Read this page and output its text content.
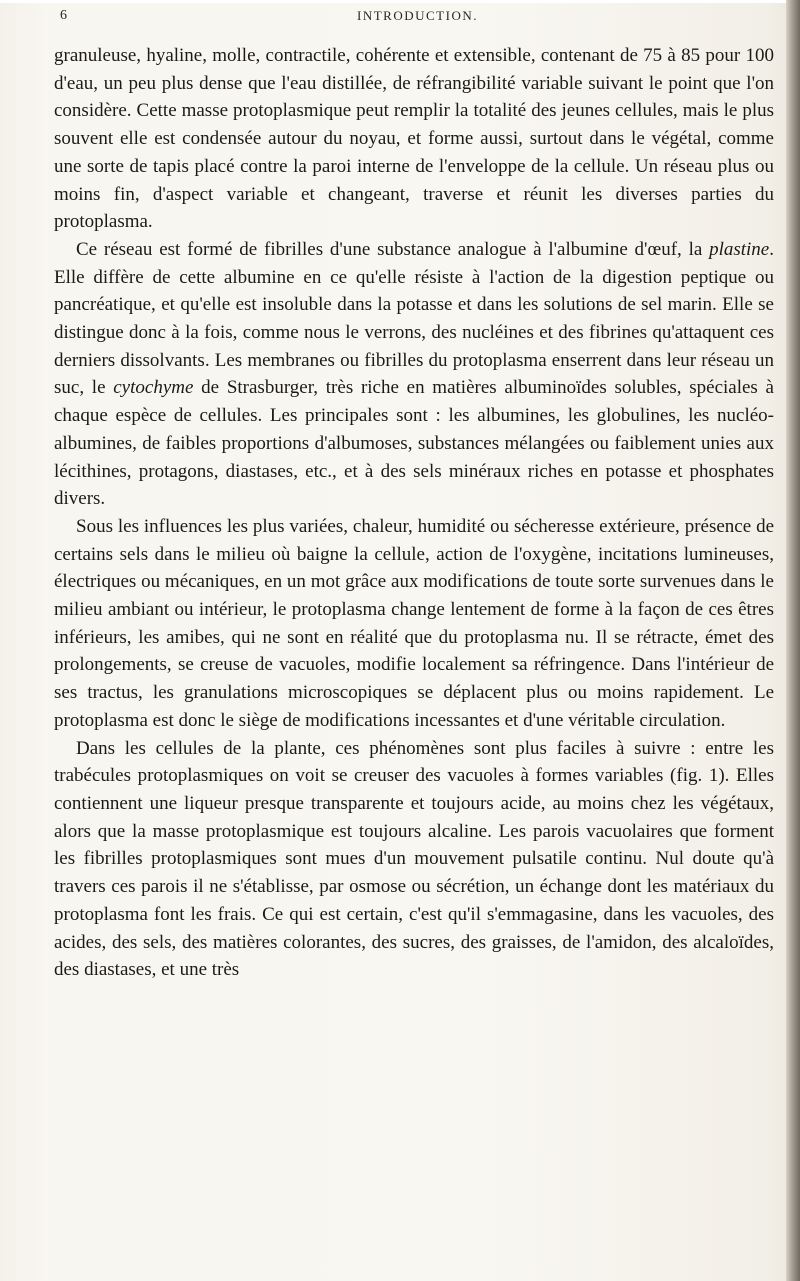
6	INTRODUCTION.

granuleuse, hyaline, molle, contractile, cohérente et extensible, contenant de 75 à 85 pour 100 d'eau, un peu plus dense que l'eau distillée, de réfrangibilité variable suivant le point que l'on considère. Cette masse protoplasmique peut remplir la totalité des jeunes cellules, mais le plus souvent elle est condensée autour du noyau, et forme aussi, surtout dans le végétal, comme une sorte de tapis placé contre la paroi interne de l'enveloppe de la cellule. Un réseau plus ou moins fin, d'aspect variable et changeant, traverse et réunit les diverses parties du protoplasma.

Ce réseau est formé de fibrilles d'une substance analogue à l'albumine d'œuf, la plastine. Elle diffère de cette albumine en ce qu'elle résiste à l'action de la digestion peptique ou pancréatique, et qu'elle est insoluble dans la potasse et dans les solutions de sel marin. Elle se distingue donc à la fois, comme nous le verrons, des nucléines et des fibrines qu'attaquent ces derniers dissolvants. Les membranes ou fibrilles du protoplasma enserrent dans leur réseau un suc, le cytochyme de Strasburger, très riche en matières albuminoïdes solubles, spéciales à chaque espèce de cellules. Les principales sont : les albumines, les globulines, les nucléo-albumines, de faibles proportions d'albumoses, substances mélangées ou faiblement unies aux lécithines, protagons, diastases, etc., et à des sels minéraux riches en potasse et phosphates divers.

Sous les influences les plus variées, chaleur, humidité ou sécheresse extérieure, présence de certains sels dans le milieu où baigne la cellule, action de l'oxygène, incitations lumineuses, électriques ou mécaniques, en un mot grâce aux modifications de toute sorte survenues dans le milieu ambiant ou intérieur, le protoplasma change lentement de forme à la façon de ces êtres inférieurs, les amibes, qui ne sont en réalité que du protoplasma nu. Il se rétracte, émet des prolongements, se creuse de vacuoles, modifie localement sa réfringence. Dans l'intérieur de ses tractus, les granulations microscopiques se déplacent plus ou moins rapidement. Le protoplasma est donc le siège de modifications incessantes et d'une véritable circulation.

Dans les cellules de la plante, ces phénomènes sont plus faciles à suivre : entre les trabécules protoplasmiques on voit se creuser des vacuoles à formes variables (fig. 1). Elles contiennent une liqueur presque transparente et toujours acide, au moins chez les végétaux, alors que la masse protoplasmique est toujours alcaline. Les parois vacuolaires que forment les fibrilles protoplasmiques sont mues d'un mouvement pulsatile continu. Nul doute qu'à travers ces parois il ne s'établisse, par osmose ou sécrétion, un échange dont les matériaux du protoplasma font les frais. Ce qui est certain, c'est qu'il s'emmagasine, dans les vacuoles, des acides, des sels, des matières colorantes, des sucres, des graisses, de l'amidon, des alcaloïdes, des diastases, et une très
